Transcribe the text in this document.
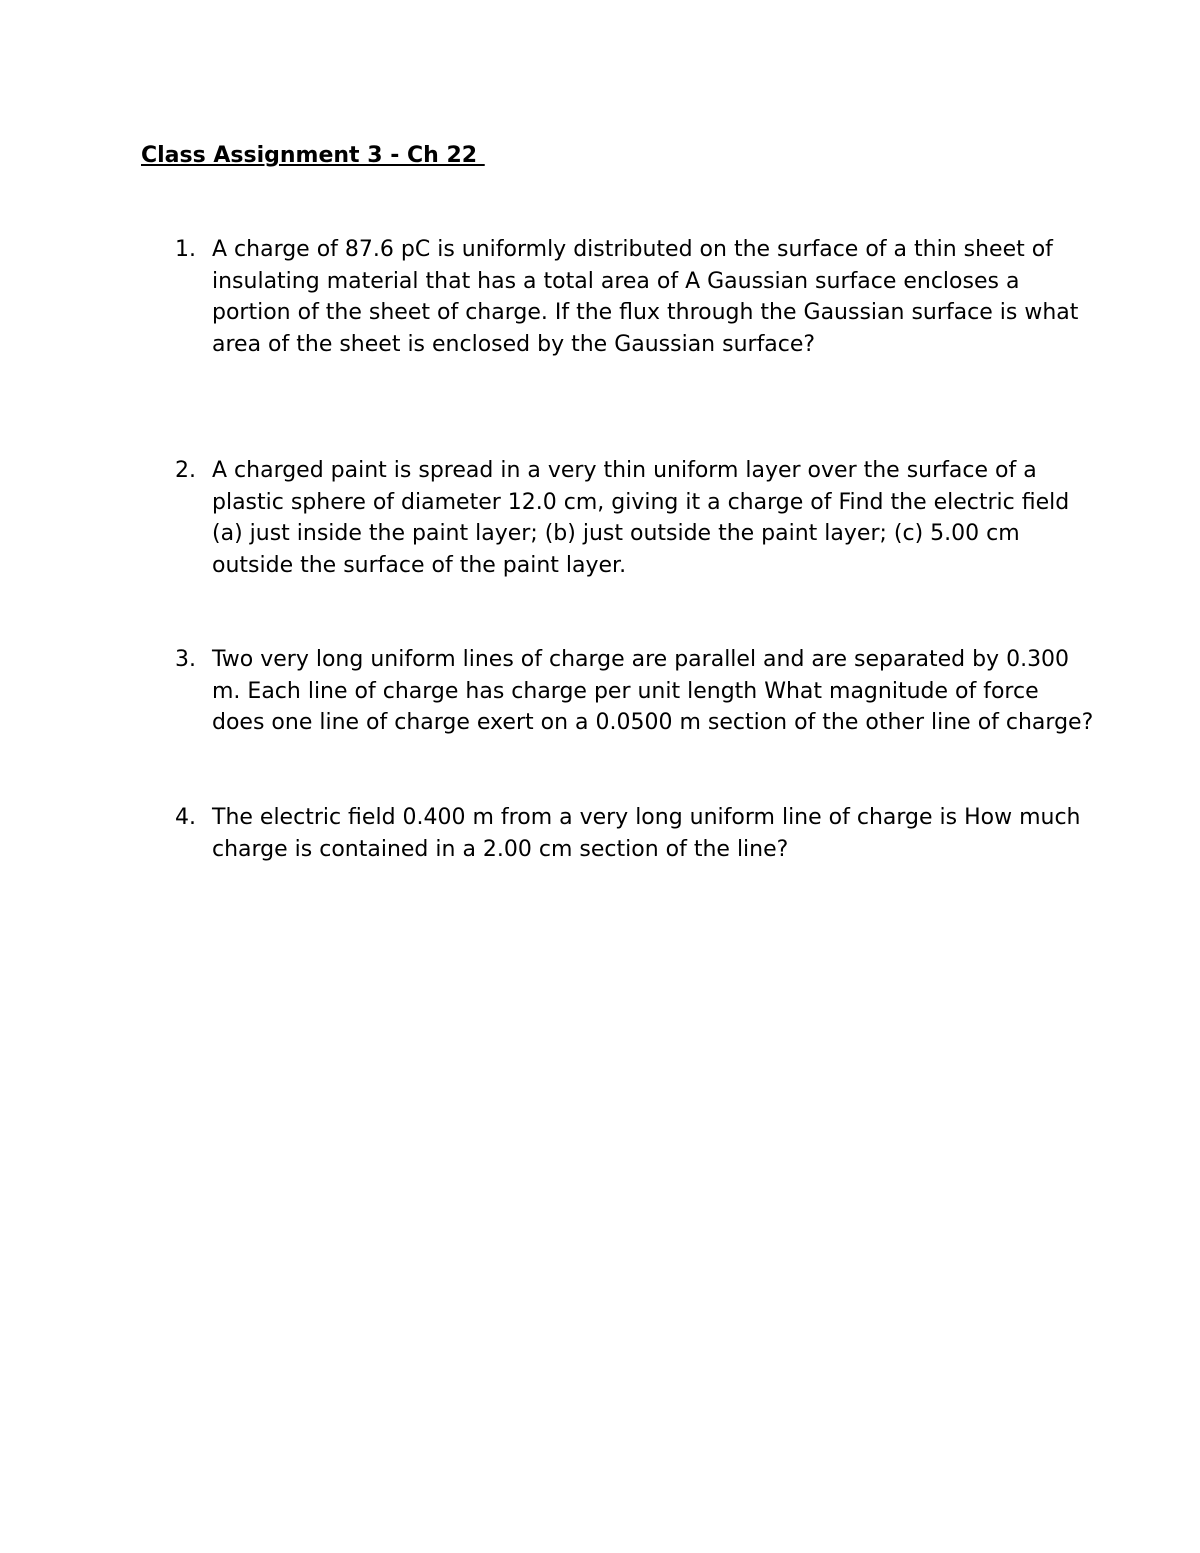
Class Assignment 3 - Ch 22
1. A charge of 87.6 pC is uniformly distributed on the surface of a thin sheet of insulating material that has a total area of A Gaussian surface encloses a portion of the sheet of charge. If the flux through the Gaussian surface is what area of the sheet is enclosed by the Gaussian surface?
2. A charged paint is spread in a very thin uniform layer over the surface of a plastic sphere of diameter 12.0 cm, giving it a charge of Find the electric field (a) just inside the paint layer; (b) just outside the paint layer; (c) 5.00 cm outside the surface of the paint layer.
3. Two very long uniform lines of charge are parallel and are separated by 0.300 m. Each line of charge has charge per unit length What magnitude of force does one line of charge exert on a 0.0500 m section of the other line of charge?
4. The electric field 0.400 m from a very long uniform line of charge is How much charge is contained in a 2.00 cm section of the line?
